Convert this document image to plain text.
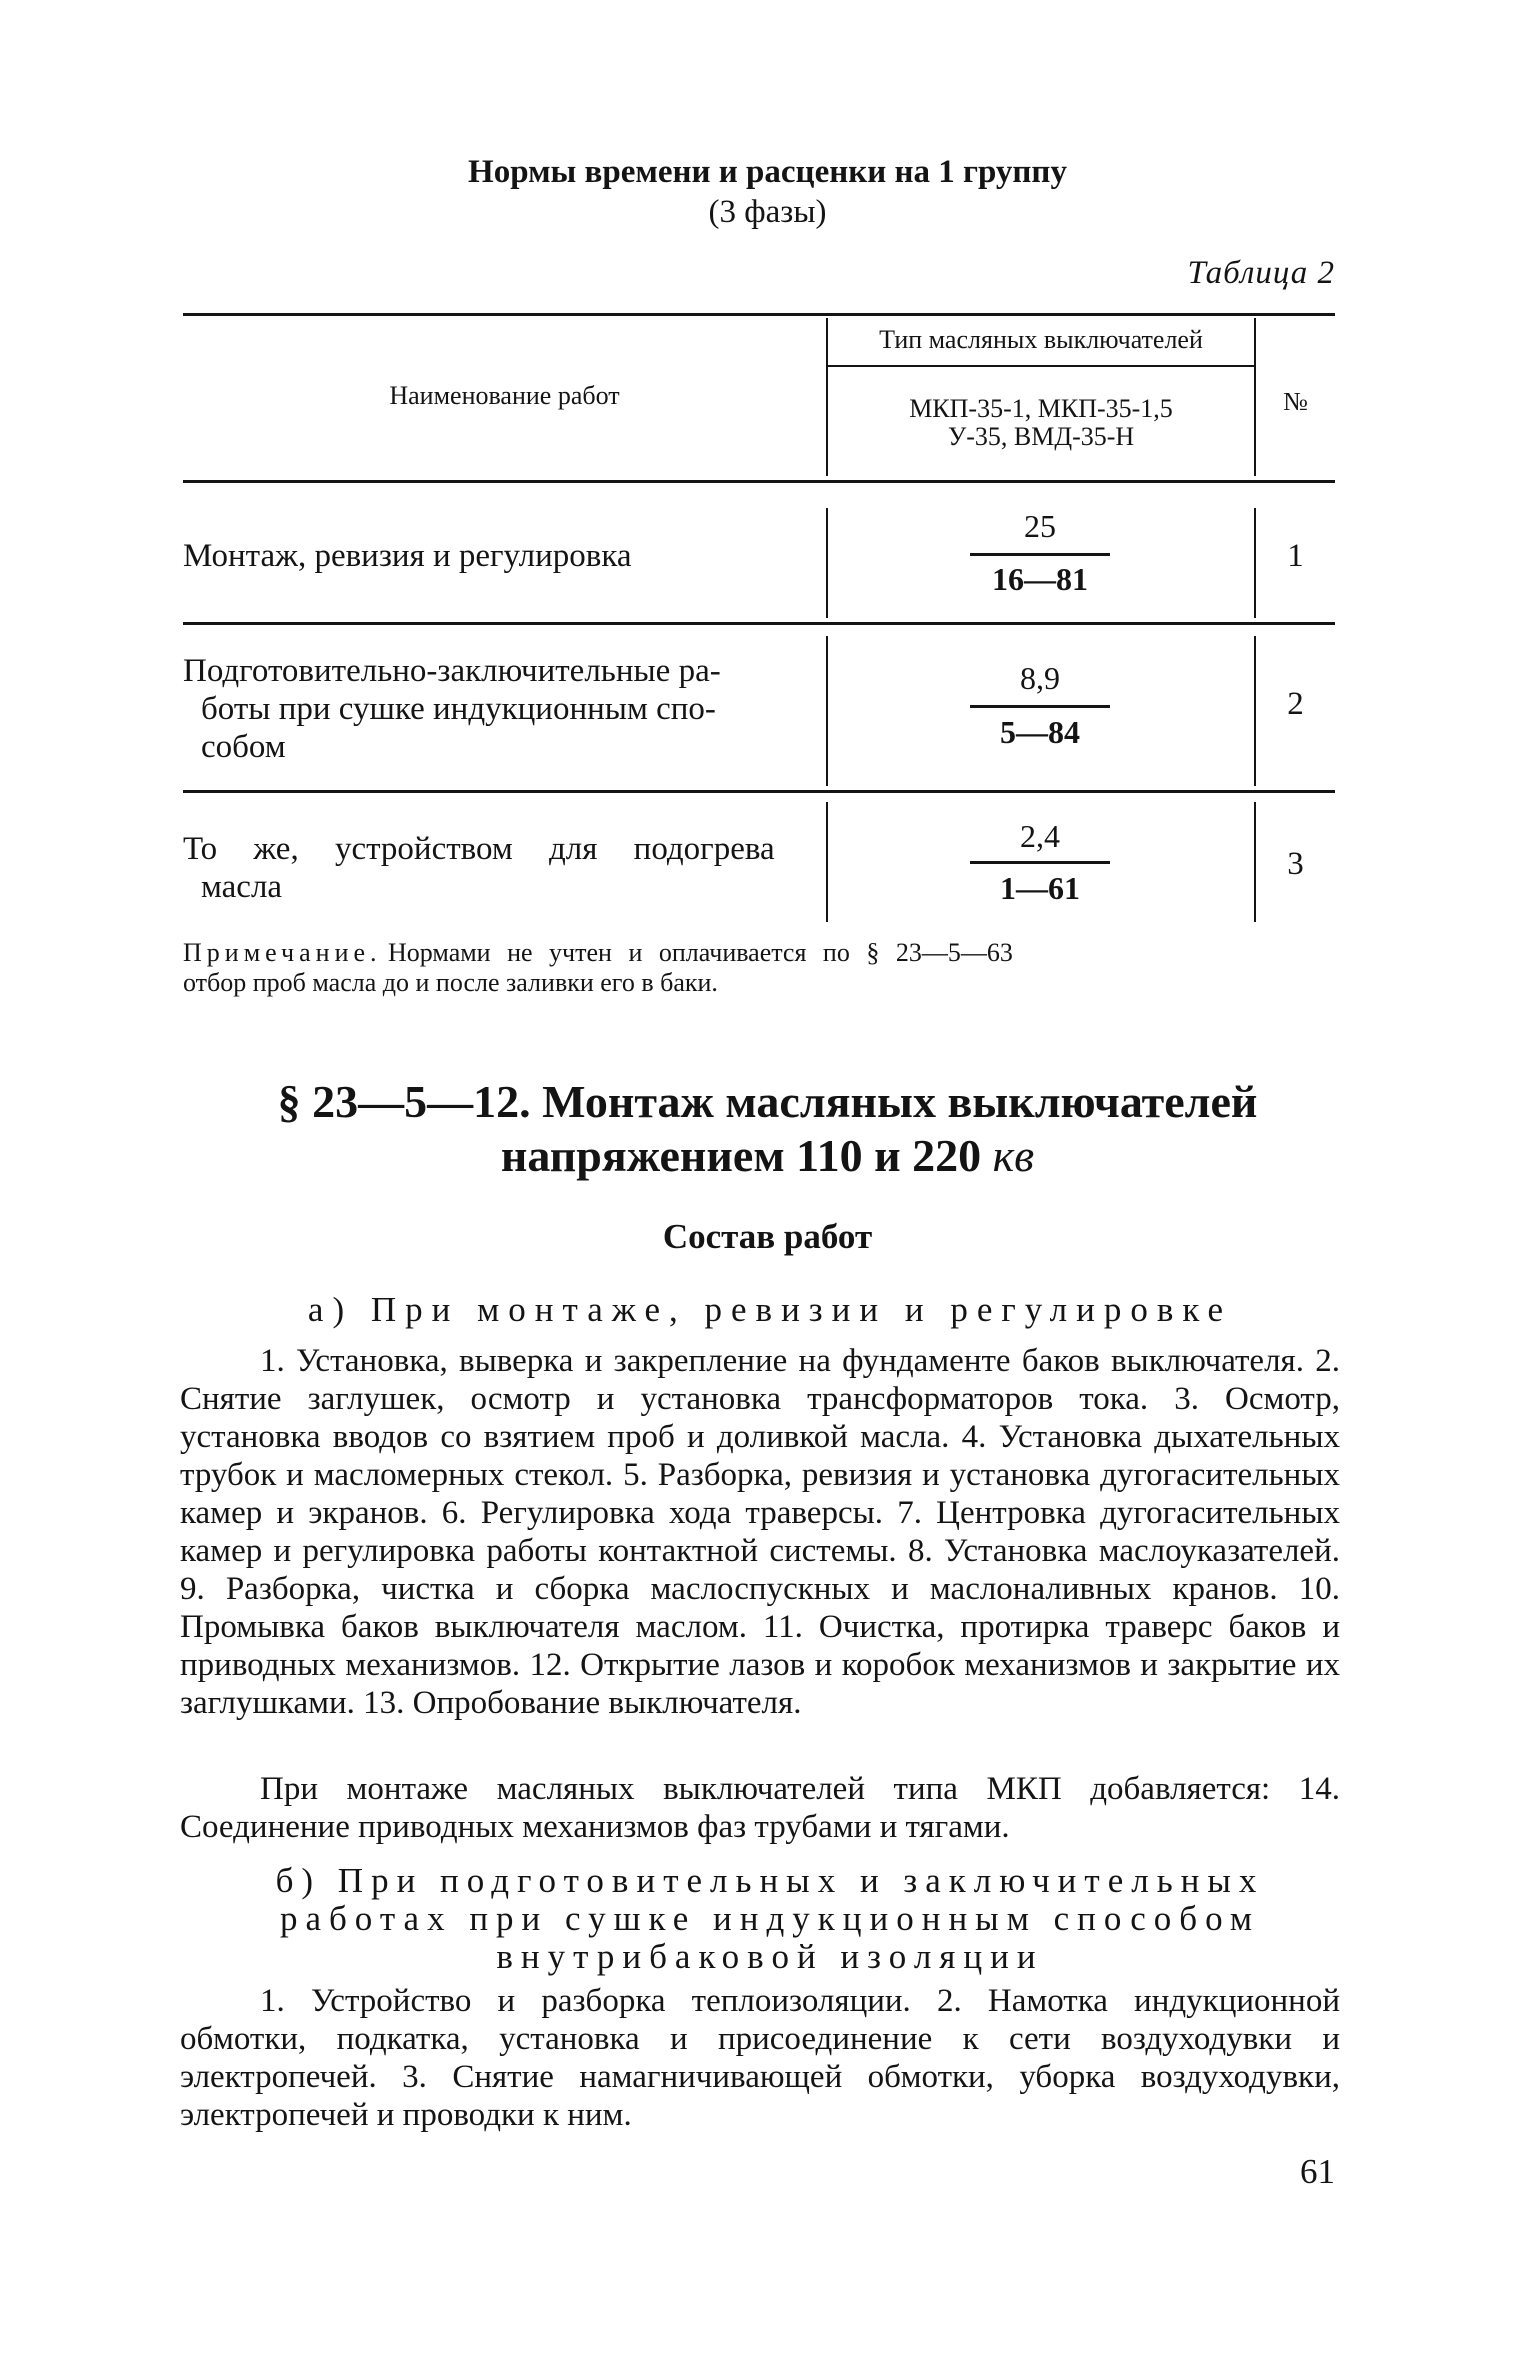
Нормы времени и расценки на 1 группу
(3 фазы)
Таблица 2
Наименование работ
Тип масляных выключателей
МКП-35-1, МКП-35-1,5
У-35, ВМД-35-Н
№
Монтаж, ревизия и регулировка
25
16—81
1
Подготовительно-заключительные ра-
боты при сушке индукционным спо-
собом
8,9
5—84
2
То же, устройством для подогрева
масла
2,4
1—61
3
Примечание. Нормами не учтен и оплачивается по § 23—5—63
отбор проб масла до и после заливки его в баки.
§ 23—5—12. Монтаж масляных выключателей
напряжением 110 и 220 кв
Состав работ
а) При монтаже, ревизии и регулировке
1. Установка, выверка и закрепление на фундаменте баков выключателя. 2. Снятие заглушек, осмотр и установка трансформаторов тока. 3. Осмотр, установка вводов со взятием проб и доливкой масла. 4. Установка дыхательных трубок и масломерных стекол. 5. Разборка, ревизия и установка дугогасительных камер и экранов. 6. Регулировка хода траверсы. 7. Центровка дугогасительных камер и регулировка работы контактной системы. 8. Установка маслоуказателей. 9. Разборка, чистка и сборка маслоспускных и маслоналивных кранов. 10. Промывка баков выключателя маслом. 11. Очистка, протирка траверс баков и приводных механизмов. 12. Открытие лазов и коробок механизмов и закрытие их заглушками. 13. Опробование выключателя.
При монтаже масляных выключателей типа МКП добавляется: 14. Соединение приводных механизмов фаз трубами и тягами.
б) При подготовительных и заключительных
работах при сушке индукционным способом
внутрибаковой изоляции
1. Устройство и разборка теплоизоляции. 2. Намотка индукционной обмотки, подкатка, установка и присоединение к сети воздуходувки и электропечей. 3. Снятие намагничивающей обмотки, уборка воздуходувки, электропечей и проводки к ним.
61
